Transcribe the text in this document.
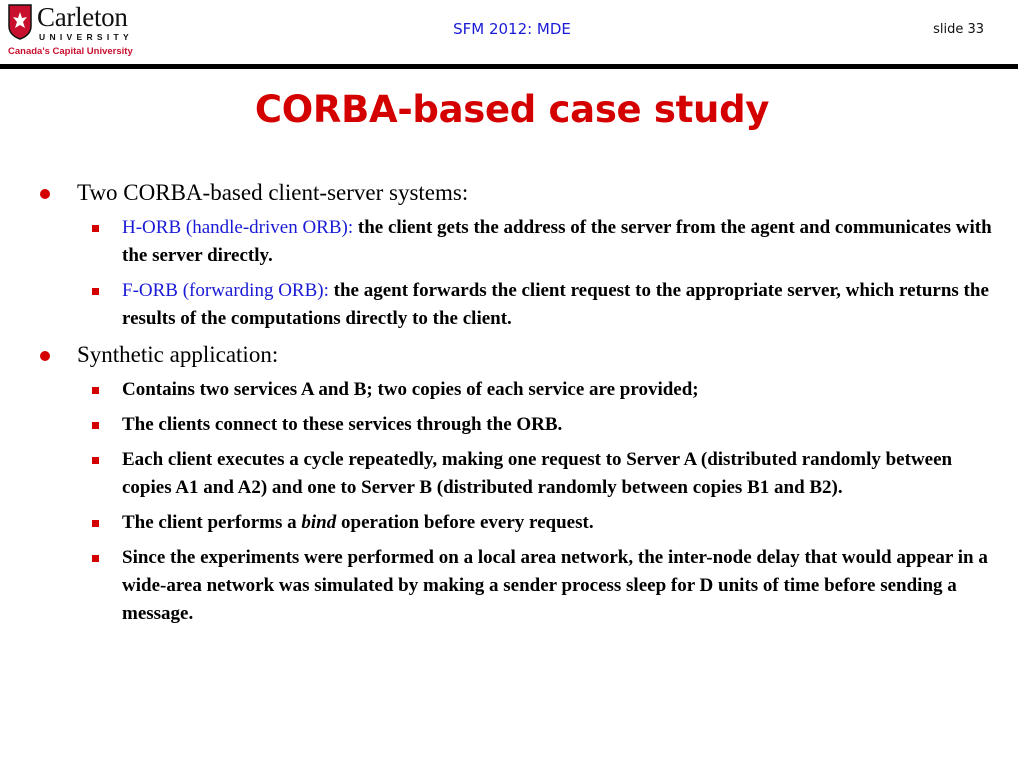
Carleton
UNIVERSITY
Canada's Capital University
SFM 2012: MDE	slide 33
CORBA-based case study
Two CORBA-based client-server systems:
H-ORB (handle-driven ORB): the client gets the address of the server from the agent and communicates with the server directly.
F-ORB (forwarding ORB): the agent forwards the client request to the appropriate server, which returns the results of the computations directly to the client.
Synthetic application:
Contains two services A and B; two copies of each service are provided;
The clients connect to these services through the ORB.
Each client executes a cycle repeatedly, making one request to Server A (distributed randomly between copies A1 and A2) and one to Server B (distributed randomly between copies B1 and B2).
The client performs a bind operation before every request.
Since the experiments were performed on a local area network, the inter-node delay that would appear in a wide-area network was simulated by making a sender process sleep for D units of time before sending a message.
